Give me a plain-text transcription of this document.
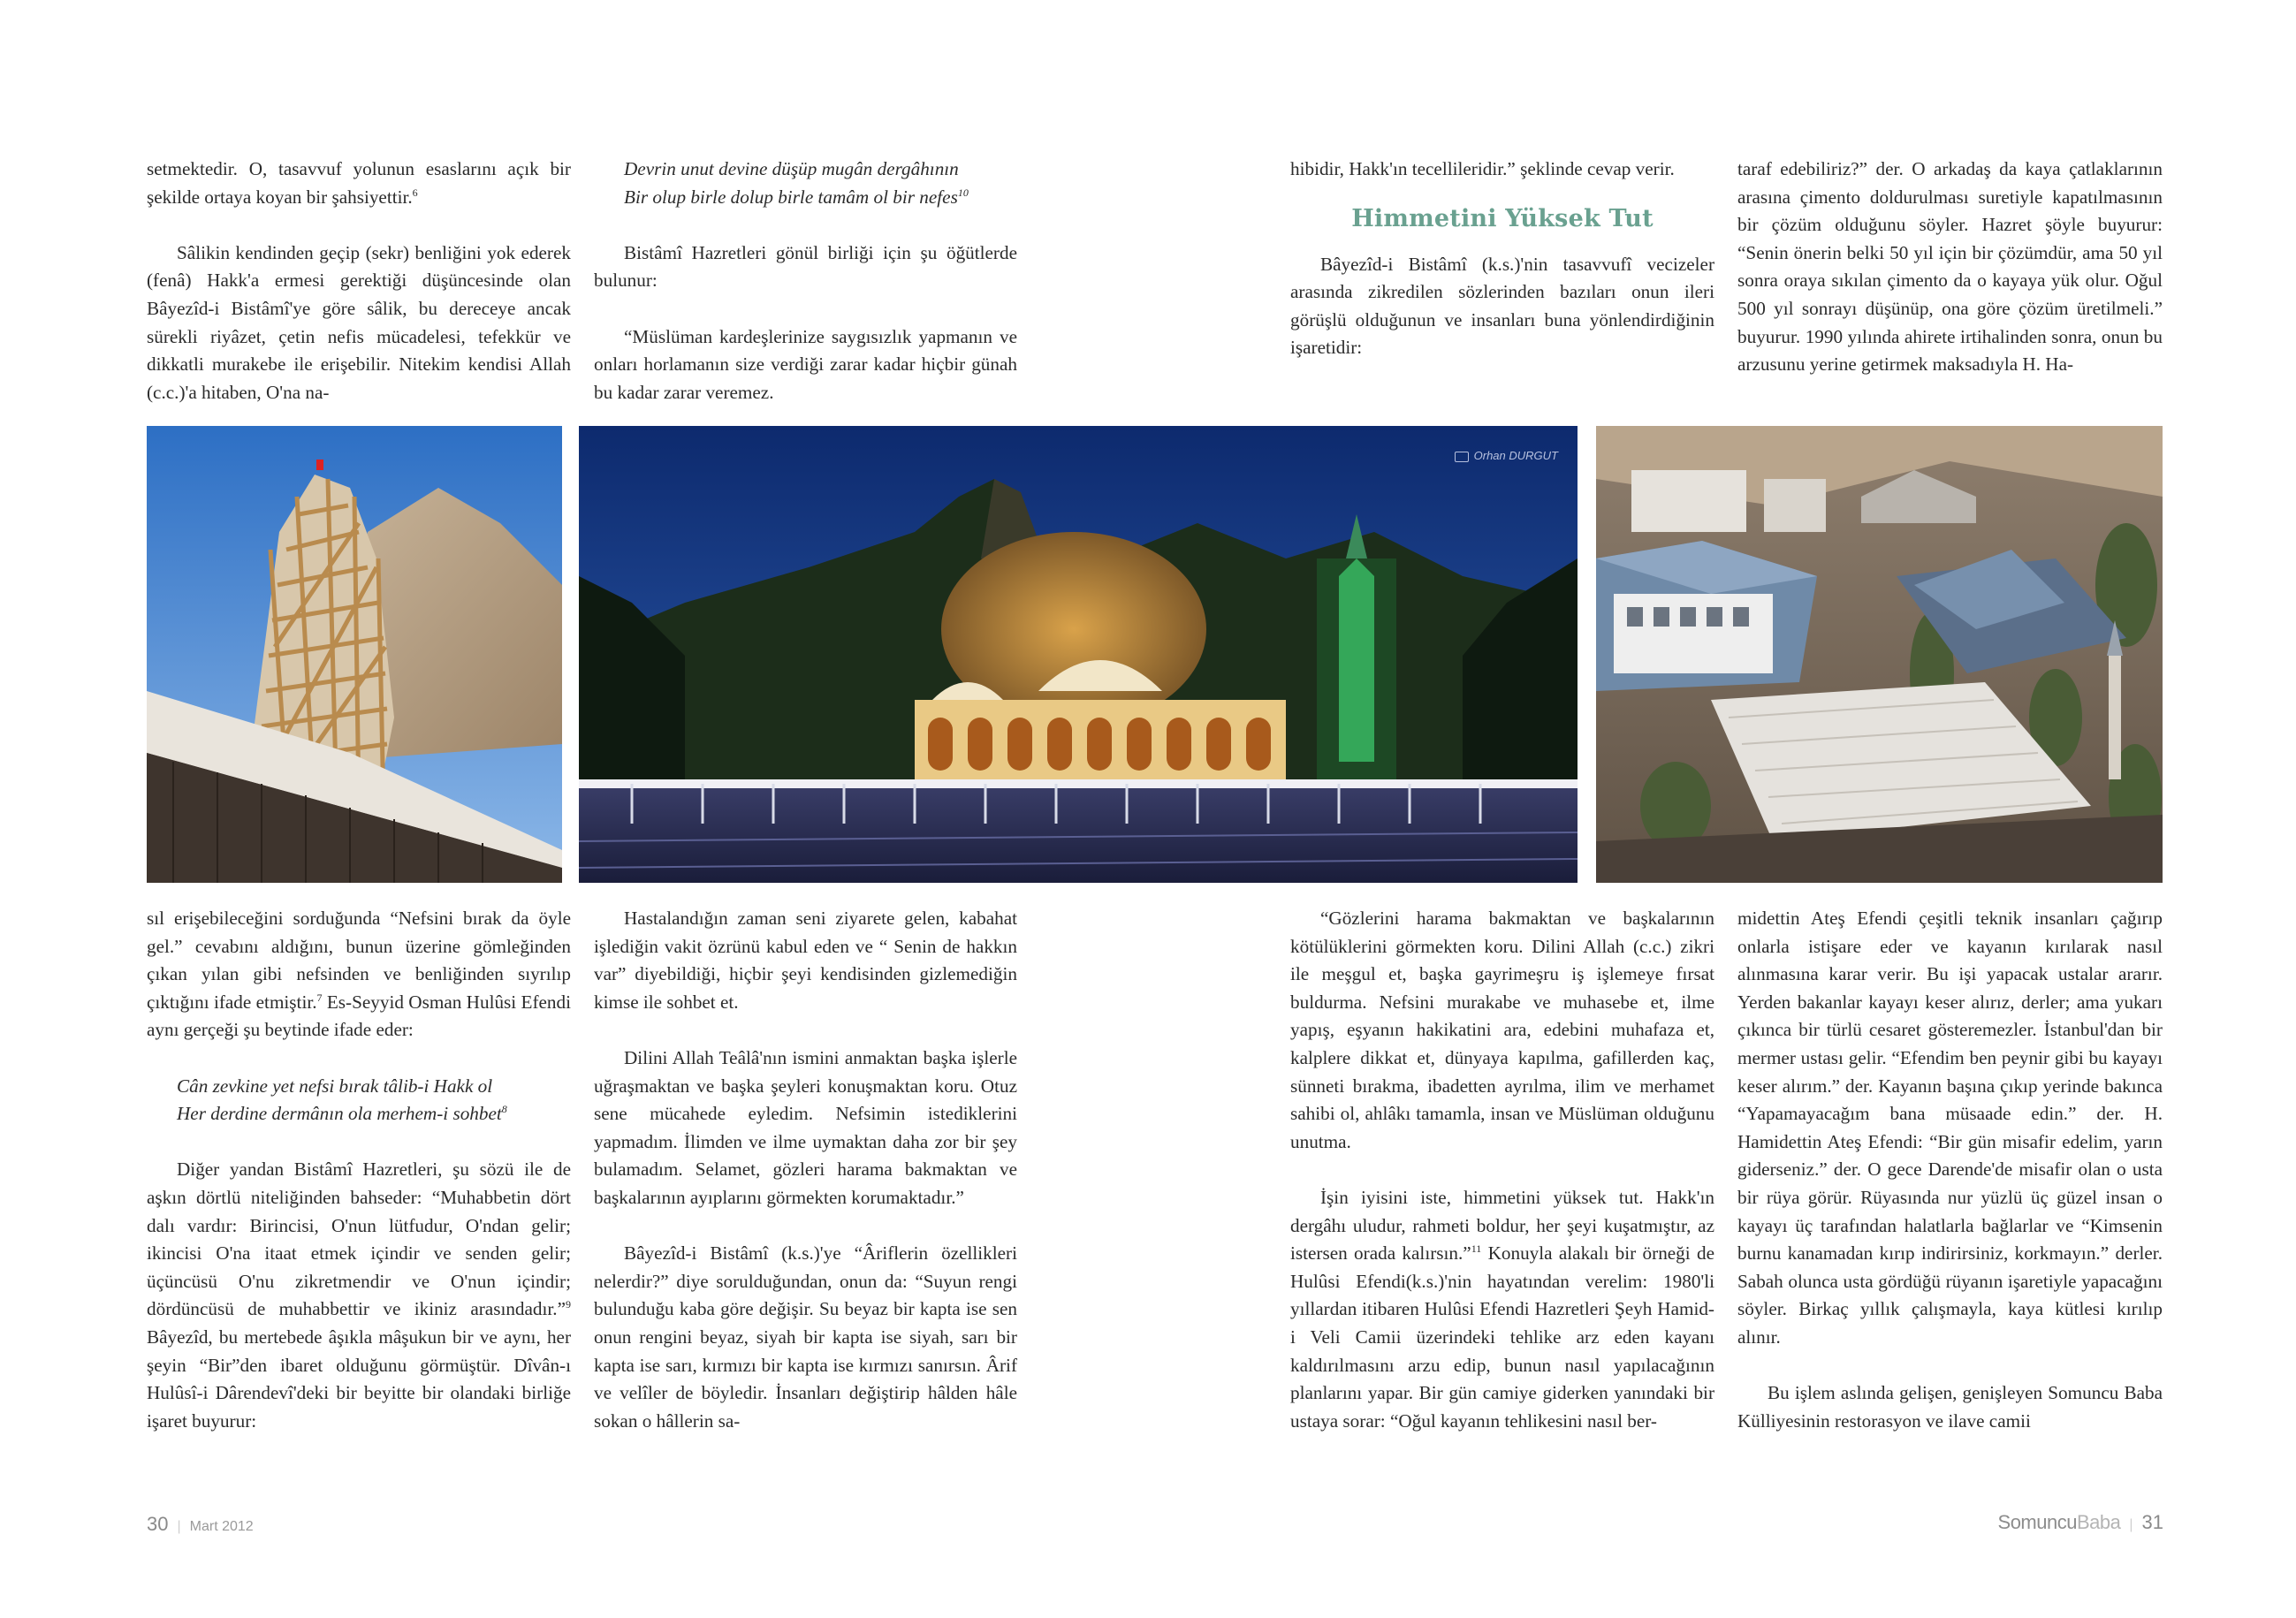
setmektedir. O, tasavvuf yolunun esaslarını açık bir şekilde ortaya koyan bir şahsiyettir.$^6$

Sâlikin kendinden geçip (sekr) benliğini yok ederek (fenâ) Hakk'a ermesi gerektiği düşüncesinde olan Bâyezîd-i Bistâmî'ye göre sâlik, bu dereceye ancak sürekli riyâzet, çetin nefis mücadelesi, tefekkür ve dikkatli murakebe ile erişebilir. Nitekim kendisi Allah (c.c.)'a hitaben, O'na na-

Devrin unut devine düşüp mugân dergâhının
Bir olup birle dolup birle tamâm ol bir nefes$^{10}$

Bistâmî Hazretleri gönül birliği için şu öğütlerde bulunur:

“Müslüman kardeşlerinize saygısızlık yapmanın ve onları horlamanın size verdiği zarar kadar hiçbir günah bu kadar zarar veremez.

hibidir, Hakk'ın tecellileridir.” şeklinde cevap verir.

Himmetini Yüksek Tut

Bâyezîd-i Bistâmî (k.s.)'nin tasavvufî vecizeler arasında zikredilen sözlerinden bazıları onun ileri görüşlü olduğunun ve insanları buna yönlendirdiğinin işaretidir:

taraf edebiliriz?” der. O arkadaş da kaya çatlaklarının arasına çimento doldurulması suretiyle kapatılmasının bir çözüm olduğunu söyler. Hazret şöyle buyurur: “Senin önerin belki 50 yıl için bir çözümdür, ama 50 yıl sonra oraya sıkılan çimento da o kayaya yük olur. Oğul 500 yıl sonrayı düşünüp, ona göre çözüm üretilmeli.” buyurur. 1990 yılında ahirete irtihalinden sonra, onun bu arzusunu yerine getirmek maksadıyla H. Ha-

Orhan DURGUT

sıl erişebileceğini sorduğunda “Nefsini bırak da öyle gel.” cevabını aldığını, bunun üzerine gömleğinden çıkan yılan gibi nefsinden ve benliğinden sıyrılıp çıktığını ifade etmiştir.$^7$ Es-Seyyid Osman Hulûsi Efendi aynı gerçeği şu beytinde ifade eder:

Cân zevkine yet nefsi bırak tâlib-i Hakk ol
Her derdine dermânın ola merhem-i sohbet$^8$

Diğer yandan Bistâmî Hazretleri, şu sözü ile de aşkın dörtlü niteliğinden bahseder: “Muhabbetin dört dalı vardır: Birincisi, O'nun lütfudur, O'ndan gelir; ikincisi O'na itaat etmek içindir ve senden gelir; üçüncüsü O'nu zikretmendir ve O'nun içindir; dördüncüsü de muhabbettir ve ikiniz arasındadır.”$^9$ Bâyezîd, bu mertebede âşıkla mâşukun bir ve aynı, her şeyin “Bir”den ibaret olduğunu görmüştür. Dîvân-ı Hulûsî-i Dârendevî'deki bir beyitte bir olandaki birliğe işaret buyurur:

Hastalandığın zaman seni ziyarete gelen, kabahat işlediğin vakit özrünü kabul eden ve “ Senin de hakkın var” diyebildiği, hiçbir şeyi kendisinden gizlemediğin kimse ile sohbet et.

Dilini Allah Teâlâ'nın ismini anmaktan başka işlerle uğraşmaktan ve başka şeyleri konuşmaktan koru. Otuz sene mücahede eyledim. Nefsimin istediklerini yapmadım. İlimden ve ilme uymaktan daha zor bir şey bulamadım. Selamet, gözleri harama bakmaktan ve başkalarının ayıplarını görmekten korumaktadır.”

Bâyezîd-i Bistâmî (k.s.)'ye “Âriflerin özellikleri nelerdir?” diye sorulduğundan, onun da: “Suyun rengi bulunduğu kaba göre değişir. Su beyaz bir kapta ise sen onun rengini beyaz, siyah bir kapta ise siyah, sarı bir kapta ise sarı, kırmızı bir kapta ise kırmızı sanırsın. Ârif ve velîler de böyledir. İnsanları değiştirip hâlden hâle sokan o hâllerin sa-

“Gözlerini harama bakmaktan ve başkalarının kötülüklerini görmekten koru. Dilini Allah (c.c.) zikri ile meşgul et, başka gayrimeşru iş işlemeye fırsat buldurma. Nefsini murakabe ve muhasebe et, ilme yapış, eşyanın hakikatini ara, edebini muhafaza et, kalplere dikkat et, dünyaya kapılma, gafillerden kaç, sünneti bırakma, ibadetten ayrılma, ilim ve merhamet sahibi ol, ahlâkı tamamla, insan ve Müslüman olduğunu unutma.

İşin iyisini iste, himmetini yüksek tut. Hakk'ın dergâhı uludur, rahmeti boldur, her şeyi kuşatmıştır, az istersen orada kalırsın.”$^{11}$ Konuyla alakalı bir örneği de Hulûsi Efendi(k.s.)'nin hayatından verelim: 1980'li yıllardan itibaren Hulûsi Efendi Hazretleri Şeyh Hamid-i Veli Camii üzerindeki tehlike arz eden kayanı kaldırılmasını arzu edip, bunun nasıl yapılacağının planlarını yapar. Bir gün camiye giderken yanındaki bir ustaya sorar: “Oğul kayanın tehlikesini nasıl ber-

midettin Ateş Efendi çeşitli teknik insanları çağırıp onlarla istişare eder ve kayanın kırılarak nasıl alınmasına karar verir. Bu işi yapacak ustalar ararır. Yerden bakanlar kayayı keser alırız, derler; ama yukarı çıkınca bir türlü cesaret gösteremezler. İstanbul'dan bir mermer ustası gelir. “Efendim ben peynir gibi bu kayayı keser alırım.” der. Kayanın başına çıkıp yerinde bakınca “Yapamayacağım bana müsaade edin.” der. H. Hamidettin Ateş Efendi: “Bir gün misafir edelim, yarın giderseniz.” der. O gece Darende'de misafir olan o usta bir rüya görür. Rüyasında nur yüzlü üç güzel insan o kayayı üç tarafından halatlarla bağlarlar ve “Kimsenin burnu kanamadan kırıp indirirsiniz, korkmayın.” derler. Sabah olunca usta gördüğü rüyanın işaretiyle yapacağını söyler. Birkaç yıllık çalışmayla, kaya kütlesi kırılıp alınır.

Bu işlem aslında gelişen, genişleyen Somuncu Baba Külliyesinin restorasyon ve ilave camii

30 | Mart 2012	SomuncuBaba | 31
